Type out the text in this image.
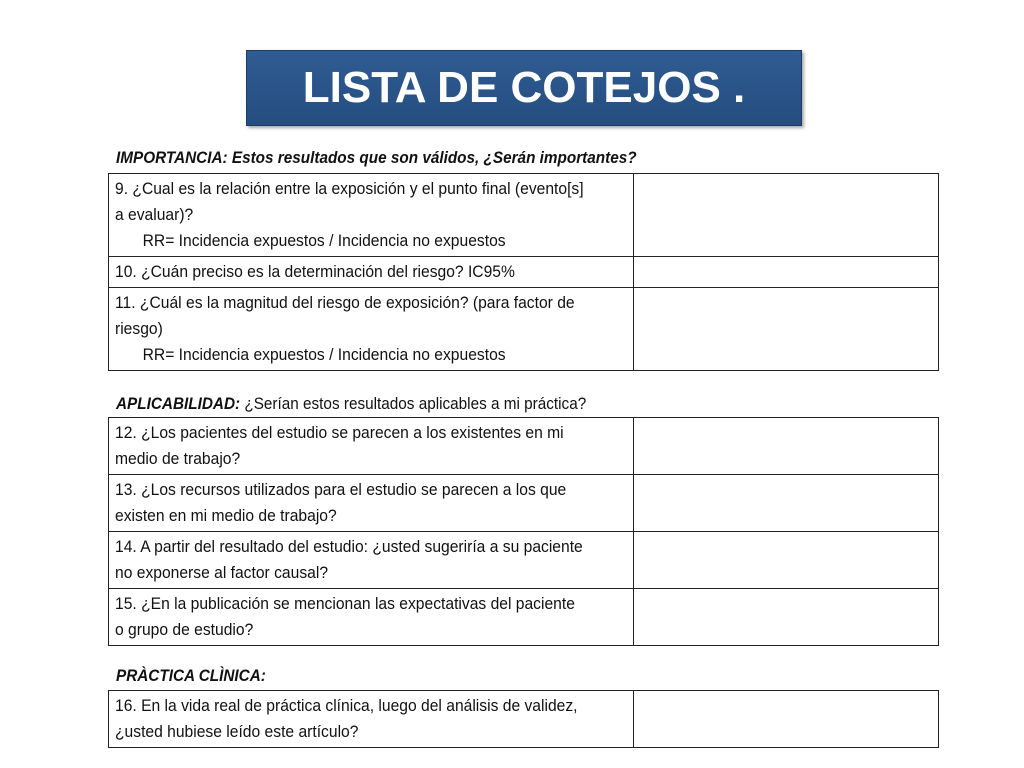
LISTA DE COTEJOS .
IMPORTANCIA: Estos resultados que son válidos, ¿Serán importantes?
9. ¿Cual es la relación entre la exposición y el punto final (evento[s] a evaluar)?
RR= Incidencia expuestos / Incidencia no expuestos	

10. ¿Cuán preciso es la determinación del riesgo? IC95%	

11. ¿Cuál es la magnitud del riesgo de exposición? (para factor de riesgo)
RR= Incidencia expuestos / Incidencia no expuestos	

APLICABILIDAD: ¿Serían estos resultados aplicables a mi práctica?
12. ¿Los pacientes del estudio se parecen a los existentes en mi medio de trabajo?	

13. ¿Los recursos utilizados para el estudio se parecen a los que existen en mi medio de trabajo?	

14. A partir del resultado del estudio: ¿usted sugeriría a su paciente no exponerse al factor causal?	

15. ¿En la publicación se mencionan las expectativas del paciente o grupo de estudio?	

PRÀCTICA CLÌNICA:
16. En la vida real de práctica clínica, luego del análisis de validez, ¿usted hubiese leído este artículo?
